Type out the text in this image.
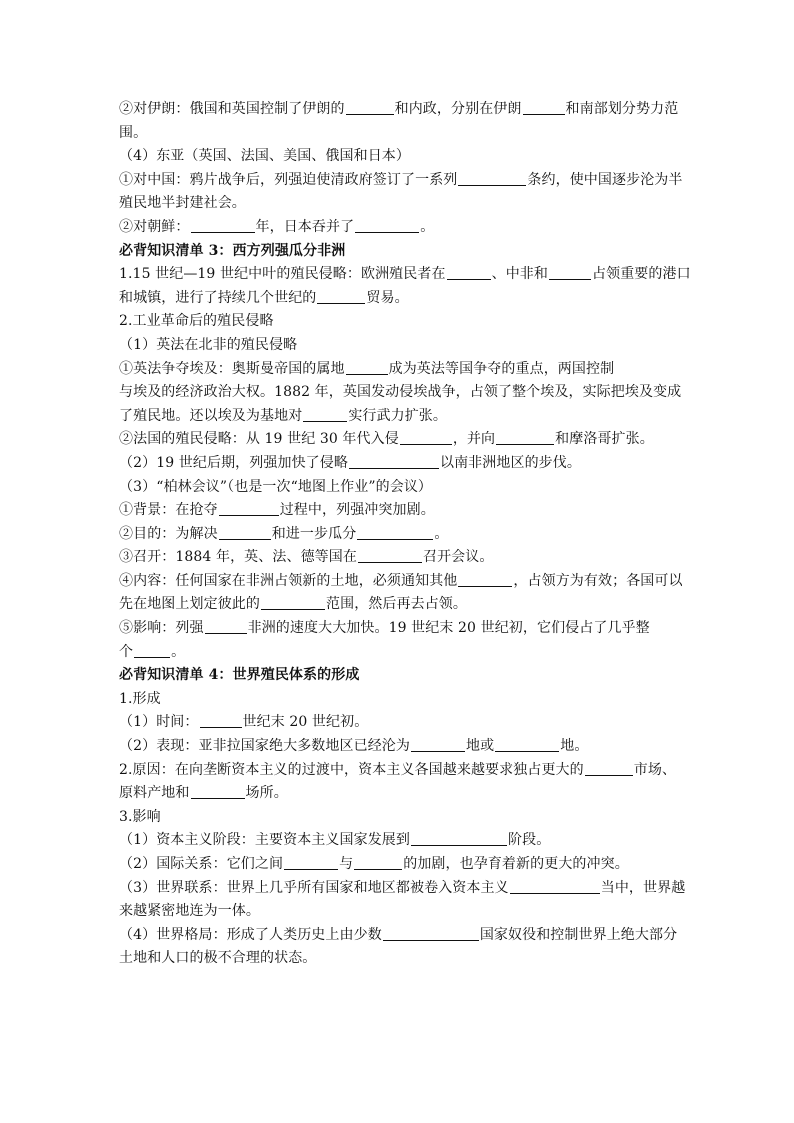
②对伊朗：俄国和英国控制了伊朗的	和内政，分别在伊朗	和南部划分势力范
围。
（4）东亚（英国、法国、美国、俄国和日本）
①对中国：鸦片战争后，列强迫使清政府签订了一系列	条约，使中国逐步沦为半
殖民地半封建社会。
②对朝鲜：	年，日本吞并了	。
必背知识清单 3：西方列强瓜分非洲
1.15 世纪—19 世纪中叶的殖民侵略：欧洲殖民者在	、中非和	占领重要的港口
和城镇，进行了持续几个世纪的	贸易。
2.工业革命后的殖民侵略
（1）英法在北非的殖民侵略
①英法争夺埃及：奥斯曼帝国的属地	成为英法等国争夺的重点，两国控制
与埃及的经济政治大权。1882 年，英国发动侵埃战争，占领了整个埃及，实际把埃及变成
了殖民地。还以埃及为基地对	实行武力扩张。
②法国的殖民侵略：从 19 世纪 30 年代入侵	，并向	和摩洛哥扩张。
（2）19 世纪后期，列强加快了侵略	以南非洲地区的步伐。
（3）“柏林会议”（也是一次“地图上作业”的会议）
①背景：在抢夺	过程中，列强冲突加剧。
②目的：为解决	和进一步瓜分	。
③召开：1884 年，英、法、德等国在	召开会议。
④内容：任何国家在非洲占领新的土地，必须通知其他	，占领方为有效；各国可以
先在地图上划定彼此的	范围，然后再去占领。
⑤影响：列强	非洲的速度大大加快。19 世纪末 20 世纪初，它们侵占了几乎整
个	。
必背知识清单 4：世界殖民体系的形成
1.形成
（1）时间：	世纪末 20 世纪初。
（2）表现：亚非拉国家绝大多数地区已经沦为	地或	地。
2.原因：在向垄断资本主义的过渡中，资本主义各国越来越要求独占更大的	市场、
原料产地和	场所。
3.影响
（1）资本主义阶段：主要资本主义国家发展到	阶段。
（2）国际关系：它们之间	与	的加剧，也孕育着新的更大的冲突。
（3）世界联系：世界上几乎所有国家和地区都被卷入资本主义	当中，世界越
来越紧密地连为一体。
（4）世界格局：形成了人类历史上由少数	国家奴役和控制世界上绝大部分
土地和人口的极不合理的状态。
